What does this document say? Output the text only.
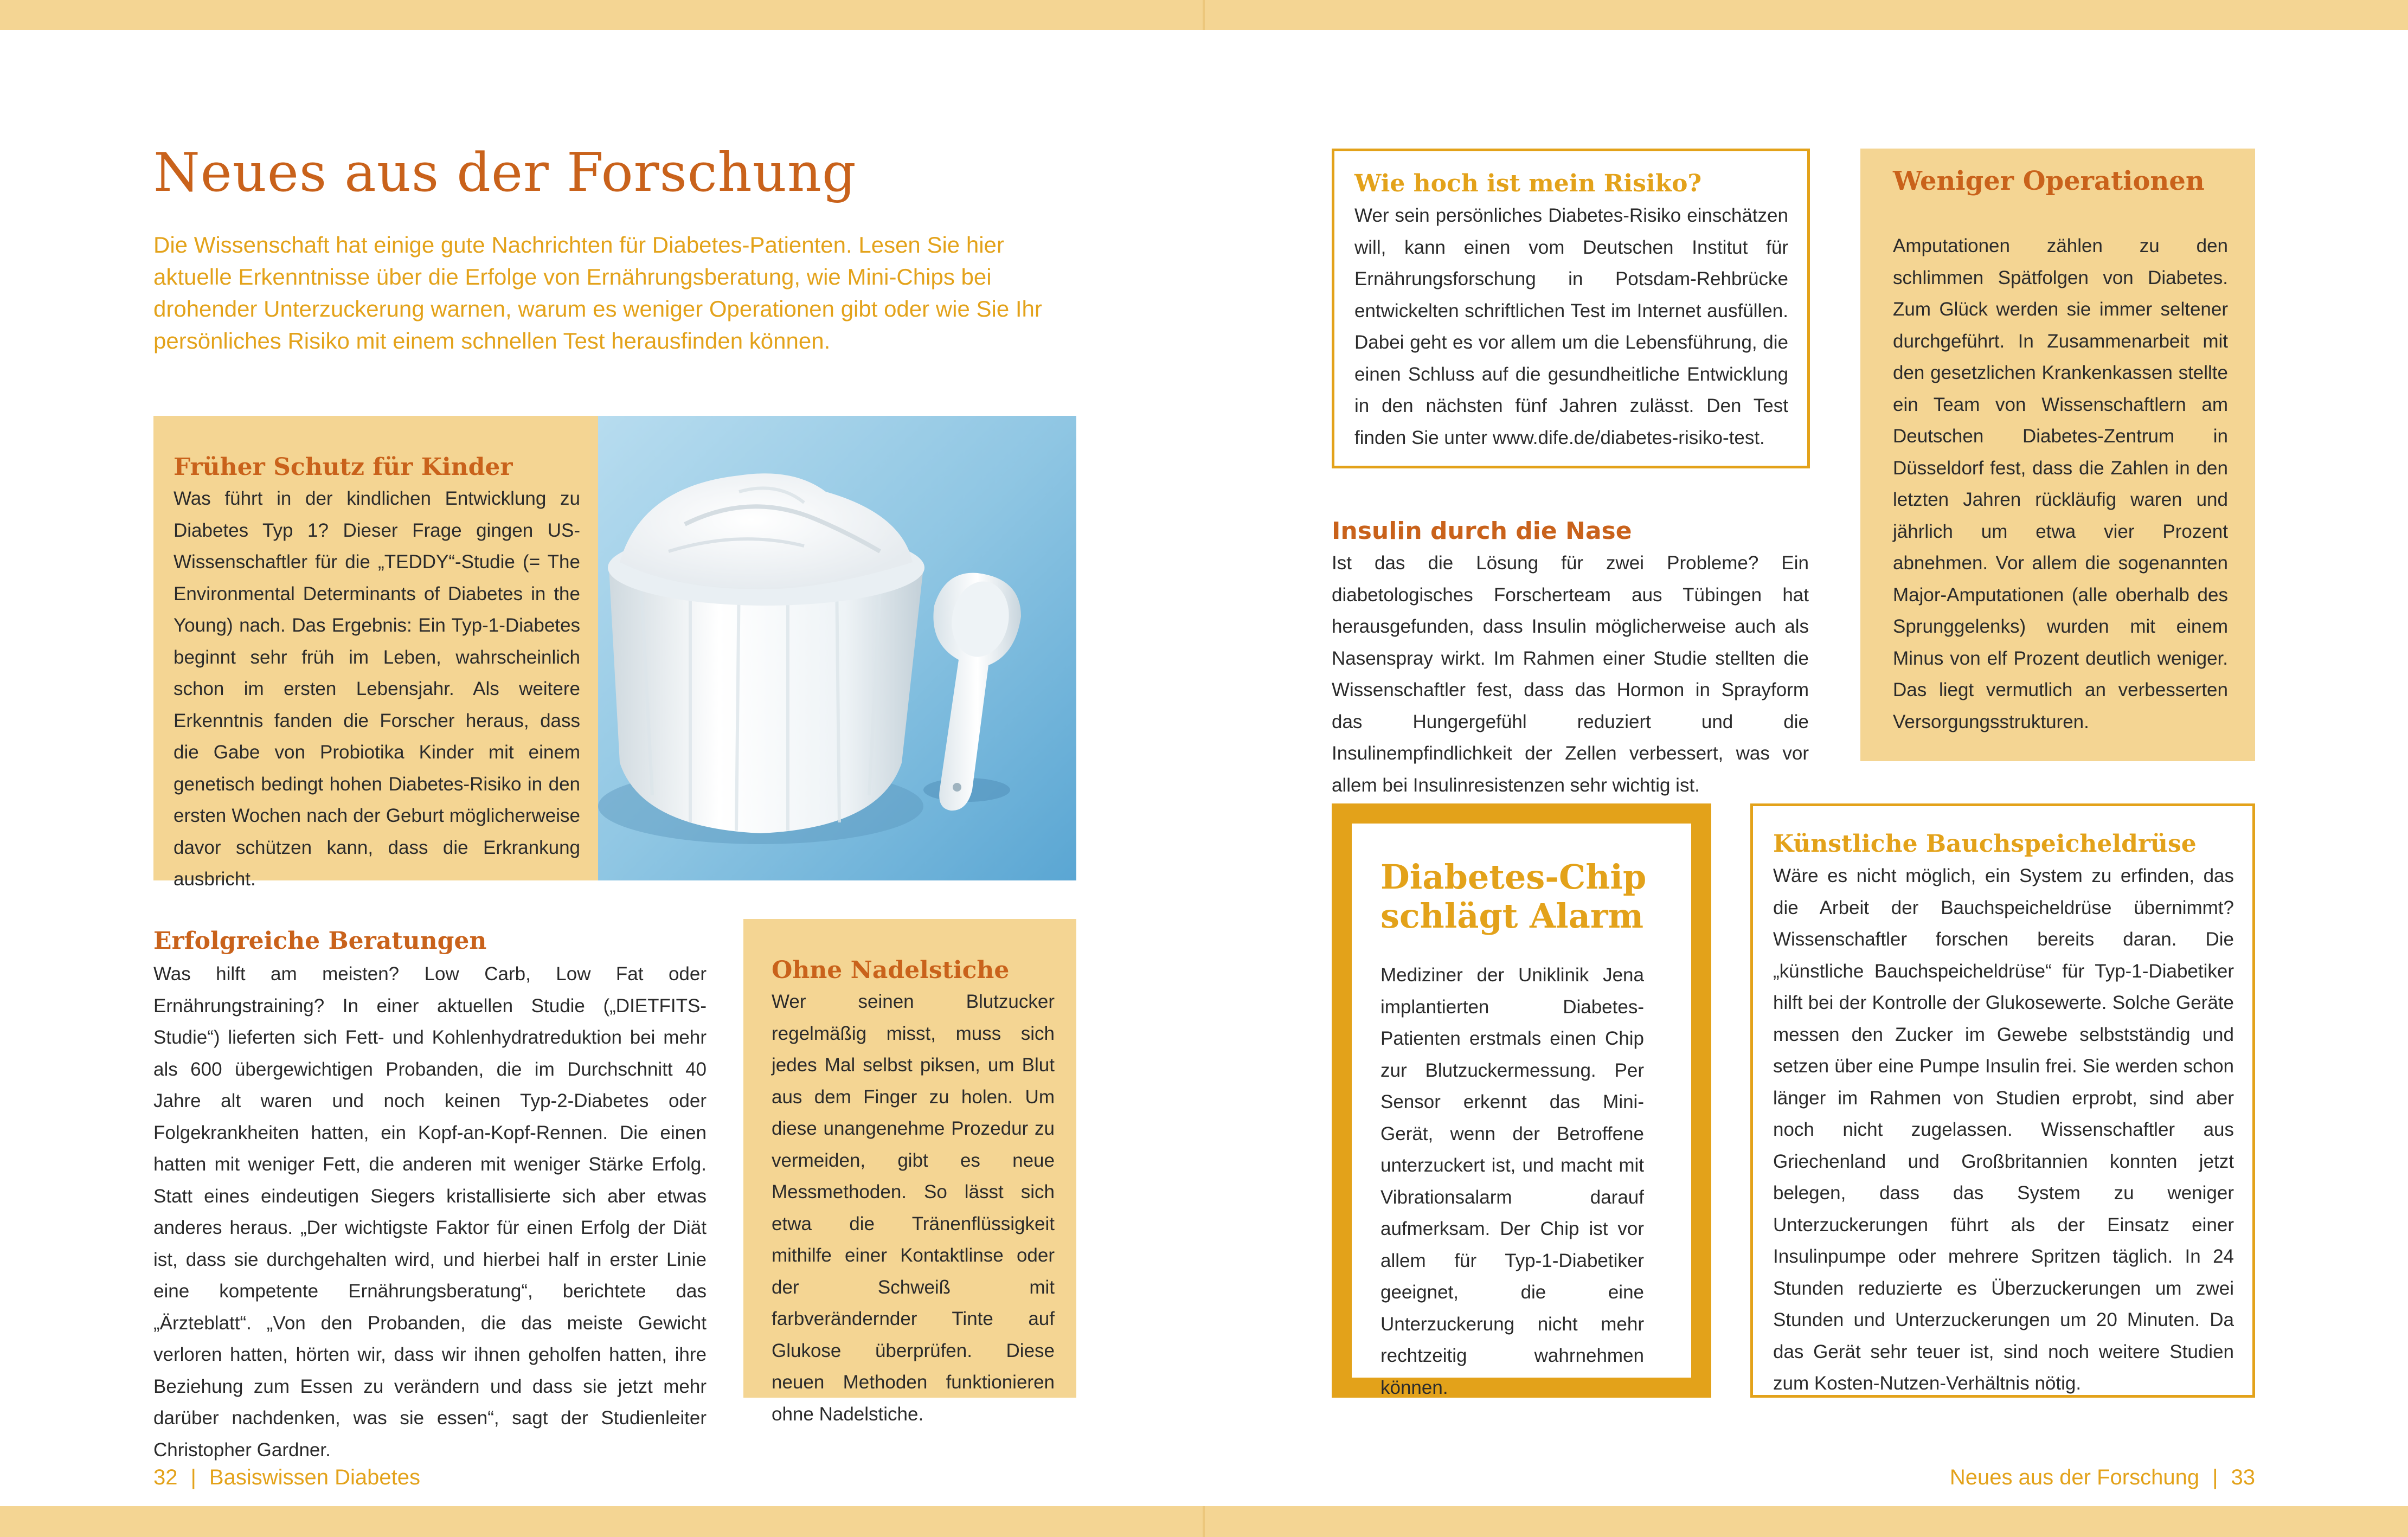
Neues aus der Forschung

Die Wissenschaft hat einige gute Nachrichten für Diabetes-Patienten. Lesen Sie hier aktuelle Erkenntnisse über die Erfolge von Ernährungsberatung, wie Mini-Chips bei drohender Unterzuckerung warnen, warum es weniger Operationen gibt oder wie Sie Ihr persönliches Risiko mit einem schnellen Test herausfinden können.

Früher Schutz für Kinder

Was führt in der kindlichen Entwicklung zu Diabetes Typ 1? Dieser Frage gingen US-Wissenschaftler für die „TEDDY“-Studie (= The Environmental Determinants of Diabetes in the Young) nach. Das Ergebnis: Ein Typ-1-Diabetes beginnt sehr früh im Leben, wahrscheinlich schon im ersten Lebensjahr. Als weitere Erkenntnis fanden die Forscher heraus, dass die Gabe von Probiotika Kinder mit einem genetisch bedingt hohen Diabetes-Risiko in den ersten Wochen nach der Geburt möglicherweise davor schützen kann, dass die Erkrankung ausbricht.

Erfolgreiche Beratungen

Was hilft am meisten? Low Carb, Low Fat oder Ernährungstraining? In einer aktuellen Studie („DIETFITS-Studie“) lieferten sich Fett- und Kohlenhydratreduktion bei mehr als 600 übergewichtigen Probanden, die im Durchschnitt 40 Jahre alt waren und noch keinen Typ-2-Diabetes oder Folgekrankheiten hatten, ein Kopf-an-Kopf-Rennen. Die einen hatten mit weniger Fett, die anderen mit weniger Stärke Erfolg. Statt eines eindeutigen Siegers kristallisierte sich aber etwas anderes heraus. „Der wichtigste Faktor für einen Erfolg der Diät ist, dass sie durchgehalten wird, und hierbei half in erster Linie eine kompetente Ernährungsberatung“, berichtete das „Ärzteblatt“. „Von den Probanden, die das meiste Gewicht verloren hatten, hörten wir, dass wir ihnen geholfen hatten, ihre Beziehung zum Essen zu verändern und dass sie jetzt mehr darüber nachdenken, was sie essen“, sagt der Studienleiter Christopher Gardner.

Ohne Nadelstiche

Wer seinen Blutzucker regelmäßig misst, muss sich jedes Mal selbst piksen, um Blut aus dem Finger zu holen. Um diese unangenehme Prozedur zu vermeiden, gibt es neue Messmethoden. So lässt sich etwa die Tränenflüssigkeit mithilfe einer Kontaktlinse oder der Schweiß mit farbverändernder Tinte auf Glukose überprüfen. Diese neuen Methoden funktionieren ohne Nadelstiche.

32 | Basiswissen Diabetes
Wie hoch ist mein Risiko?

Wer sein persönliches Diabetes-Risiko einschätzen will, kann einen vom Deutschen Institut für Ernährungsforschung in Potsdam-Rehbrücke entwickelten schriftlichen Test im Internet ausfüllen. Dabei geht es vor allem um die Lebensführung, die einen Schluss auf die gesundheitliche Entwicklung in den nächsten fünf Jahren zulässt. Den Test finden Sie unter www.dife.de/diabetes-risiko-test.

Weniger Operationen

Amputationen zählen zu den schlimmen Spätfolgen von Diabetes. Zum Glück werden sie immer seltener durchgeführt. In Zusammenarbeit mit den gesetzlichen Krankenkassen stellte ein Team von Wissenschaftlern am Deutschen Diabetes-Zentrum in Düsseldorf fest, dass die Zahlen in den letzten Jahren rückläufig waren und jährlich um etwa vier Prozent abnehmen. Vor allem die sogenannten Major-Amputationen (alle oberhalb des Sprunggelenks) wurden mit einem Minus von elf Prozent deutlich weniger. Das liegt vermutlich an verbesserten Versorgungsstrukturen.

Insulin durch die Nase

Ist das die Lösung für zwei Probleme? Ein diabetologisches Forscherteam aus Tübingen hat herausgefunden, dass Insulin möglicherweise auch als Nasenspray wirkt. Im Rahmen einer Studie stellten die Wissenschaftler fest, dass das Hormon in Sprayform das Hungergefühl reduziert und die Insulinempfindlichkeit der Zellen verbessert, was vor allem bei Insulinresistenzen sehr wichtig ist.

Diabetes-Chip
schlägt Alarm

Mediziner der Uniklinik Jena implantierten Diabetes-Patienten erstmals einen Chip zur Blutzuckermessung. Per Sensor erkennt das Mini-Gerät, wenn der Betroffene unterzuckert ist, und macht mit Vibrationsalarm darauf aufmerksam. Der Chip ist vor allem für Typ-1-Diabetiker geeignet, die eine Unterzuckerung nicht mehr rechtzeitig wahrnehmen können.

Künstliche Bauchspeicheldrüse

Wäre es nicht möglich, ein System zu erfinden, das die Arbeit der Bauchspeicheldrüse übernimmt? Wissenschaftler forschen bereits daran. Die „künstliche Bauchspeicheldrüse“ für Typ-1-Diabetiker hilft bei der Kontrolle der Glukosewerte. Solche Geräte messen den Zucker im Gewebe selbstständig und setzen über eine Pumpe Insulin frei. Sie werden schon länger im Rahmen von Studien erprobt, sind aber noch nicht zugelassen. Wissenschaftler aus Griechenland und Großbritannien konnten jetzt belegen, dass das System zu weniger Unterzuckerungen führt als der Einsatz einer Insulinpumpe oder mehrere Spritzen täglich. In 24 Stunden reduzierte es Überzuckerungen um zwei Stunden und Unterzuckerungen um 20 Minuten. Da das Gerät sehr teuer ist, sind noch weitere Studien zum Kosten-Nutzen-Verhältnis nötig.

Neues aus der Forschung | 33
